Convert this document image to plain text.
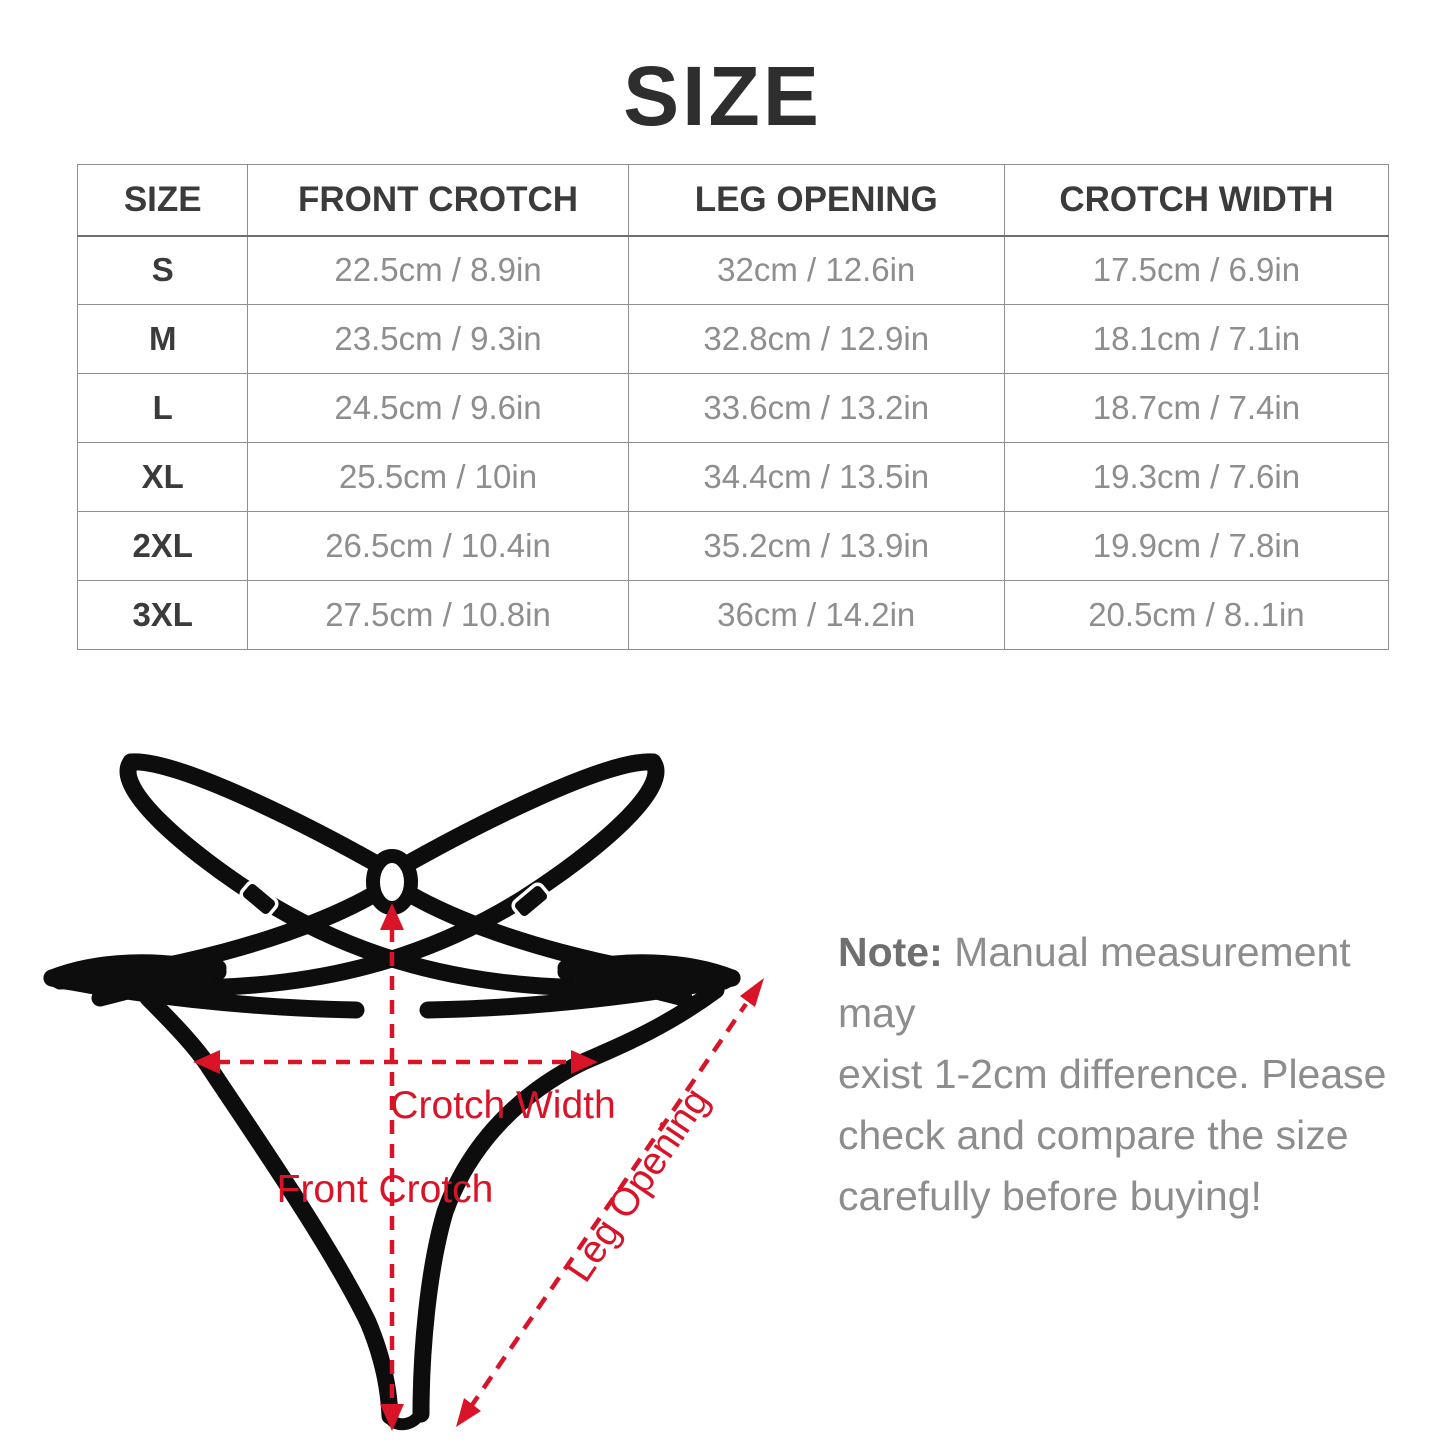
SIZE
SIZE	FRONT CROTCH	LEG OPENING	CROTCH WIDTH
S	22.5cm / 8.9in	32cm / 12.6in	17.5cm / 6.9in
M	23.5cm / 9.3in	32.8cm / 12.9in	18.1cm / 7.1in
L	24.5cm / 9.6in	33.6cm / 13.2in	18.7cm / 7.4in
XL	25.5cm / 10in	34.4cm / 13.5in	19.3cm / 7.6in
2XL	26.5cm / 10.4in	35.2cm / 13.9in	19.9cm / 7.8in
3XL	27.5cm / 10.8in	36cm / 14.2in	20.5cm / 8..1in
Crotch Width
Front Crotch Leg Opening
Note: Manual measurement may
exist 1-2cm difference. Please
check and compare the size
carefully before buying!
